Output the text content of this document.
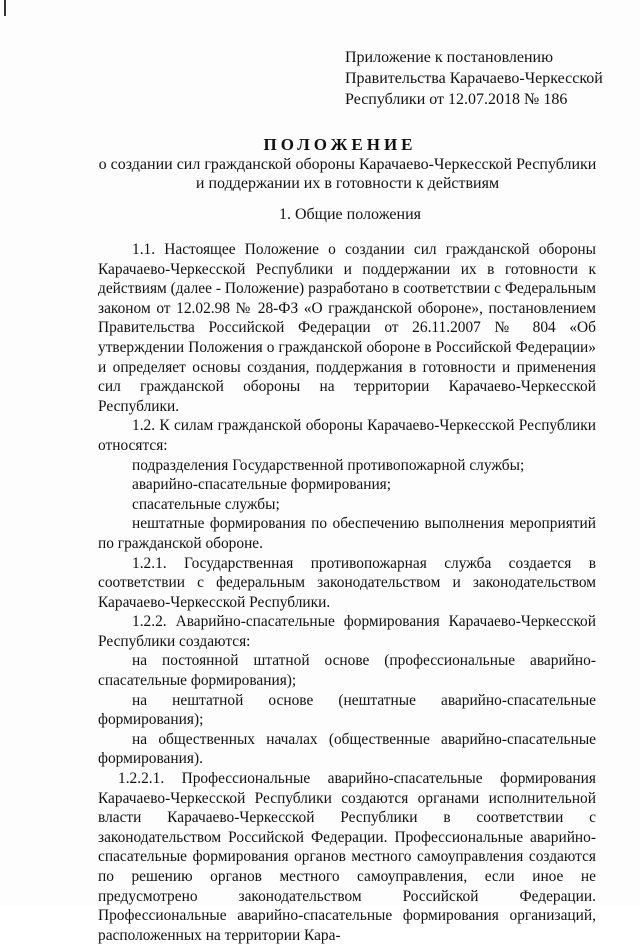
Приложение к постановлению
Правительства Карачаево-Черкесской
Республики от 12.07.2018 № 186
ПОЛОЖЕНИЕ
о создании сил гражданской обороны Карачаево-Черкесской Республики
и поддержании их в готовности к действиям
1. Общие положения

1.1. Настоящее Положение о создании сил гражданской обороны Карачаево-Черкесской Республики и поддержании их в готовности к действиям (далее - Положение) разработано в соответствии с Федеральным законом от 12.02.98 № 28-ФЗ «О гражданской обороне», постановлением Правительства Российской Федерации от 26.11.2007 № 804 «Об утверждении Положения о гражданской обороне в Российской Федерации» и определяет основы создания, поддержания в готовности и применения сил гражданской обороны на территории Карачаево-Черкесской Республики.

1.2. К силам гражданской обороны Карачаево-Черкесской Республики относятся:

подразделения Государственной противопожарной службы;

аварийно-спасательные формирования;

спасательные службы;

нештатные формирования по обеспечению выполнения мероприятий по гражданской обороне.

1.2.1. Государственная противопожарная служба создается в соответствии с федеральным законодательством и законодательством Карачаево-Черкесской Республики.

1.2.2. Аварийно-спасательные формирования Карачаево-Черкесской Республики создаются:

на постоянной штатной основе (профессиональные аварийно-спасательные формирования);

на нештатной основе (нештатные аварийно-спасательные формирования);

на общественных началах (общественные аварийно-спасательные формирования).

1.2.2.1. Профессиональные аварийно-спасательные формирования Карачаево-Черкесской Республики создаются органами исполнительной власти Карачаево-Черкесской Республики в соответствии с законодательством Российской Федерации. Профессиональные аварийно-спасательные формирования органов местного самоуправления создаются по решению органов местного самоуправления, если иное не предусмотрено законодательством Российской Федерации. Профессиональные аварийно-спасательные формирования организаций, расположенных на территории Кара-
